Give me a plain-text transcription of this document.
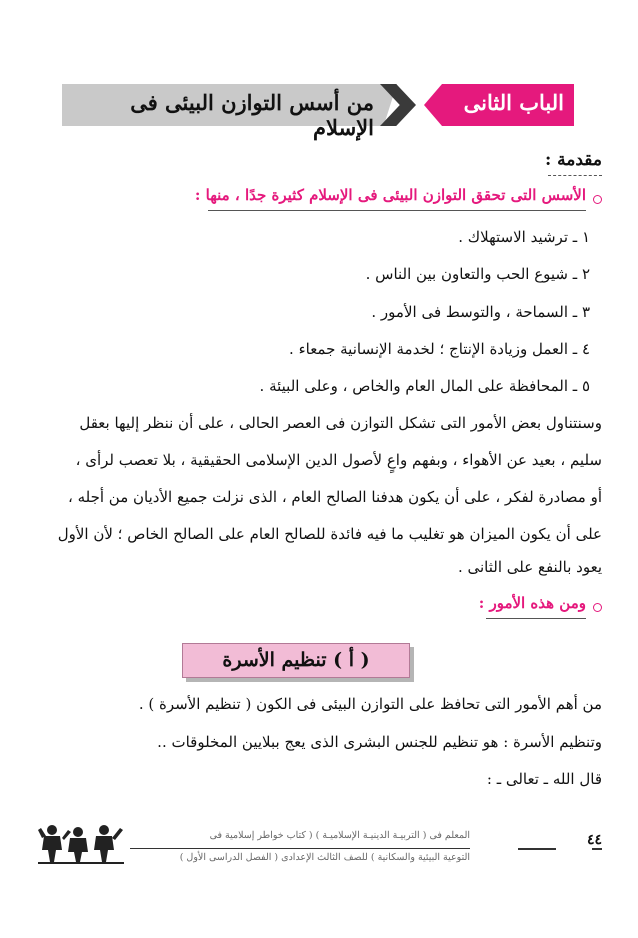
من أسس التوازن البيئى فى الإسلام
الباب الثانى
مقدمة :
الأسس التى تحقق التوازن البيئى فى الإسلام كثيرة جدًا ، منها :
١ ـ ترشيد الاستهلاك .
٢ ـ شيوع الحب والتعاون بين الناس .
٣ ـ السماحة ، والتوسط فى الأمور .
٤ ـ العمل وزيادة الإنتاج ؛ لخدمة الإنسانية جمعاء .
٥ ـ المحافظة على المال العام والخاص ، وعلى البيئة .
وسنتناول بعض الأمور التى تشكل التوازن فى العصر الحالى ، على أن ننظر إليها بعقل
سليم ، بعيد عن الأهواء ، وبفهم واعٍ لأصول الدين الإسلامى الحقيقية ، بلا تعصب لرأى ،
أو مصادرة لفكر ، على أن يكون هدفنا الصالح العام ، الذى نزلت جميع الأديان من أجله ،
على أن يكون الميزان هو تغليب ما فيه فائدة للصالح العام على الصالح الخاص ؛ لأن الأول
يعود بالنفع على الثانى .
ومن هذه الأمور :
( أ ) تنظيم الأسرة
من أهم الأمور التى تحافظ على التوازن البيئى فى الكون ( تنظيم الأسرة ) .
وتنظيم الأسرة : هو تنظيم للجنس البشرى الذى يعج ببلايين المخلوقات ..
قال الله ـ تعالى ـ :
٤٤
المعلم فى ( التربيـة الدينيـة الإسلاميـة ) ( كتاب خواطر إسلامية فى
التوعية البيئية والسكانية ) للصف الثالث الإعدادى ( الفصل الدراسى الأول )
